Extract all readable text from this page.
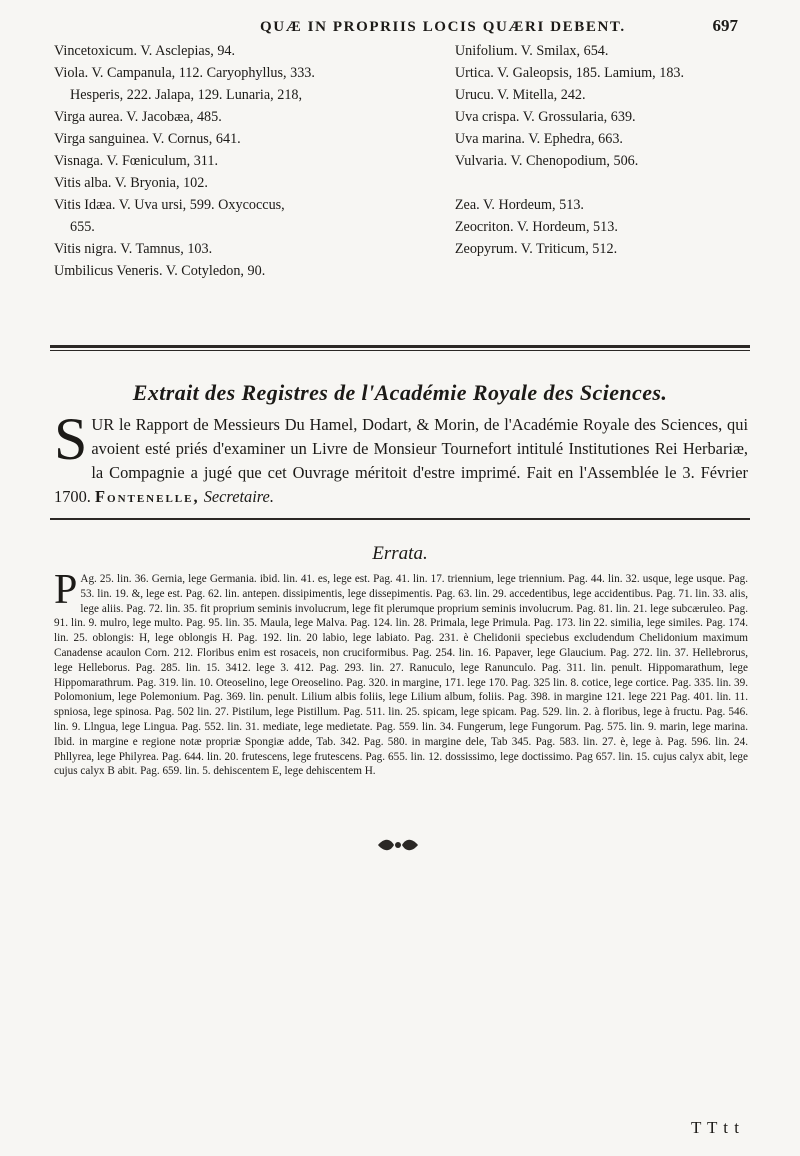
QUÆ IN PROPRIIS LOCIS QUÆRI DEBENT.	697
Vincetoxicum. V. Asclepias, 94.
Viola. V. Campanula, 112. Caryophyllus, 333.
Hesperis, 222. Jalapa, 129. Lunaria, 218,
Virga aurea. V. Jacobæa, 485.
Virga sanguinea. V. Cornus, 641.
Visnaga. V. Fœniculum, 311.
Vitis alba. V. Bryonia, 102.
Vitis Idæa. V. Uva ursi, 599. Oxycoccus,
655.
Vitis nigra. V. Tamnus, 103.
Umbilicus Veneris. V. Cotyledon, 90.
Unifolium. V. Smilax, 654.
Urtica. V. Galeopsis, 185. Lamium, 183.
Urucu. V. Mitella, 242.
Uva crispa. V. Grossularia, 639.
Uva marina. V. Ephedra, 663.
Vulvaria. V. Chenopodium, 506.

Zea. V. Hordeum, 513.
Zeocriton. V. Hordeum, 513.
Zeopyrum. V. Triticum, 512.
Extrait des Registres de l'Académie Royale des Sciences.
S UR le Rapport de Messieurs Du Hamel, Dodart, & Morin, de l'Académie Royale des Sciences, qui avoient esté priés d'examiner un Livre de Monsieur Tournefort intitulé Institutiones Rei Herbariæ, la Compagnie a jugé que cet Ouvrage méritoit d'estre imprimé. Fait en l'Assemblée le 3. Février 1700. Fontenelle, Secretaire.
Errata.
P Ag. 25. lin. 36. Gernia, lege Germania. ibid. lin. 41. es, lege est. Pag. 41. lin. 17. triennium, lege triennium. Pag. 44. lin. 32. usque, lege usque. Pag. 53. lin. 19. &, lege est. Pag. 62. lin. antepen. dissipimentis, lege dissepimentis. Pag. 63. lin. 29. accedentibus, lege accidentibus. Pag. 71. lin. 33. alis, lege aliis. Pag. 72. lin. 35. fit proprium seminis involucrum, lege fit plerumque proprium seminis involucrum. Pag. 81. lin. 21. lege subcæruleo. Pag. 91. lin. 9. mulro, lege multo. Pag. 95. lin. 35. Maula, lege Malva. Pag. 124. lin. 28. Primala, lege Primula. Pag. 173. lin 22. similia, lege similes. Pag. 174. lin. 25. oblongis: H, lege oblongis H. Pag. 192. lin. 20 labio, lege labiato. Pag. 231. è Chelidonii speciebus excludendum Chelidonium maximum Canadense acaulon Corn. 212. Floribus enim est rosaceis, non cruciformibus. Pag. 254. lin. 16. Papaver, lege Glaucium. Pag. 272. lin. 37. Hellebrorus, lege Helleborus. Pag. 285. lin. 15. 3412. lege 3. 412. Pag. 293. lin. 27. Ranuculo, lege Ranunculo. Pag. 311. lin. penult. Hippomarathum, lege Hippomarathrum. Pag. 319. lin. 10. Oteoselino, lege Oreoselino. Pag. 320. in margine, 171. lege 170. Pag. 325 lin. 8. cotice, lege cortice. Pag. 335. lin. 39. Polomonium, lege Polemonium. Pag. 369. lin. penult. Lilium albis foliis, lege Lilium album, foliis. Pag. 398. in margine 121. lege 221 Pag. 401. lin. 11. spniosa, lege spinosa. Pag. 502 lin. 27. Pistilum, lege Pistillum. Pag. 511. lin. 25. spicam, lege spicam. Pag. 529. lin. 2. à floribus, lege à fructu. Pag. 546. lin. 9. Llngua, lege Lingua. Pag. 552. lin. 31. mediate, lege medietate. Pag. 559. lin. 34. Fungerum, lege Fungorum. Pag. 575. lin. 9. marin, lege marina. Ibid. in margine e regione notæ propriæ Spongiæ adde, Tab. 342. Pag. 580. in margine dele, Tab 345. Pag. 583. lin. 27. è, lege à. Pag. 596. lin. 24. Phllyrea, lege Philyrea. Pag. 644. lin. 20. frutescens, lege frutescens. Pag. 655. lin. 12. dossissimo, lege doctissimo. Pag 657. lin. 15. cujus calyx abit, lege cujus calyx B abit. Pag. 659. lin. 5. dehiscentem E, lege dehiscentem H.
T T t t
